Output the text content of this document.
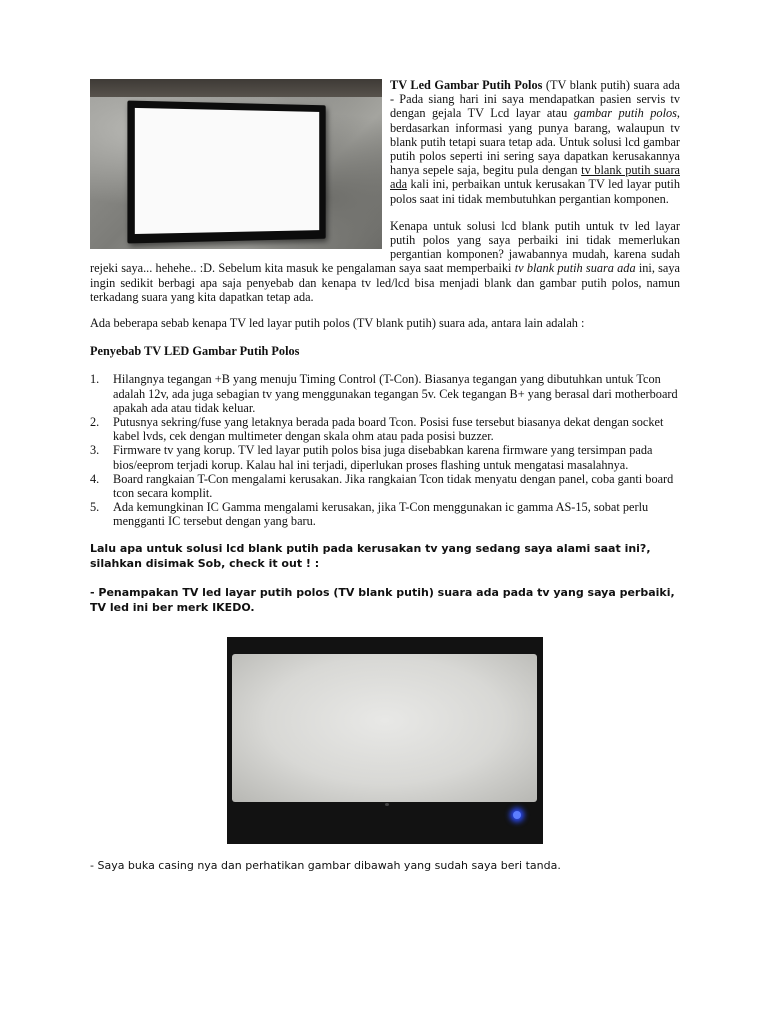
TV Led Gambar Putih Polos (TV blank putih) suara ada - Pada siang hari ini saya mendapatkan pasien servis tv dengan gejala TV Lcd layar atau gambar putih polos, berdasarkan informasi yang punya barang, walaupun tv blank putih tetapi suara tetap ada. Untuk solusi lcd gambar putih polos seperti ini sering saya dapatkan kerusakannya hanya sepele saja, begitu pula dengan tv blank putih suara ada kali ini, perbaikan untuk kerusakan TV led layar putih polos saat ini tidak membutuhkan pergantian komponen.

Kenapa untuk solusi lcd blank putih untuk tv led layar putih polos yang saya perbaiki ini tidak memerlukan pergantian komponen? jawabannya mudah, karena sudah rejeki saya... hehehe.. :D. Sebelum kita masuk ke pengalaman saya saat memperbaiki tv blank putih suara ada ini, saya ingin sedikit berbagi apa saja penyebab dan kenapa tv led/lcd bisa menjadi blank dan gambar putih polos, namun terkadang suara yang kita dapatkan tetap ada.

Ada beberapa sebab kenapa TV led layar putih polos (TV blank putih) suara ada, antara lain adalah :

Penyebab TV LED Gambar Putih Polos

1. Hilangnya tegangan +B yang menuju Timing Control (T-Con). Biasanya tegangan yang dibutuhkan untuk Tcon adalah 12v, ada juga sebagian tv yang menggunakan tegangan 5v. Cek tegangan B+ yang berasal dari motherboard apakah ada atau tidak keluar.
2. Putusnya sekring/fuse yang letaknya berada pada board Tcon. Posisi fuse tersebut biasanya dekat dengan socket kabel lvds, cek dengan multimeter dengan skala ohm atau pada posisi buzzer.
3. Firmware tv yang korup. TV led layar putih polos bisa juga disebabkan karena firmware yang tersimpan pada bios/eeprom terjadi korup. Kalau hal ini terjadi, diperlukan proses flashing untuk mengatasi masalahnya.
4. Board rangkaian T-Con mengalami kerusakan. Jika rangkaian Tcon tidak menyatu dengan panel, coba ganti board tcon secara komplit.
5. Ada kemungkinan IC Gamma mengalami kerusakan, jika T-Con menggunakan ic gamma AS-15, sobat perlu mengganti IC tersebut dengan yang baru.

Lalu apa untuk solusi lcd blank putih pada kerusakan tv yang sedang saya alami saat ini?, silahkan disimak Sob, check it out ! :

- Penampakan TV led layar putih polos (TV blank putih) suara ada pada tv yang saya perbaiki, TV led ini ber merk IKEDO.

- Saya buka casing nya dan perhatikan gambar dibawah yang sudah saya beri tanda.
